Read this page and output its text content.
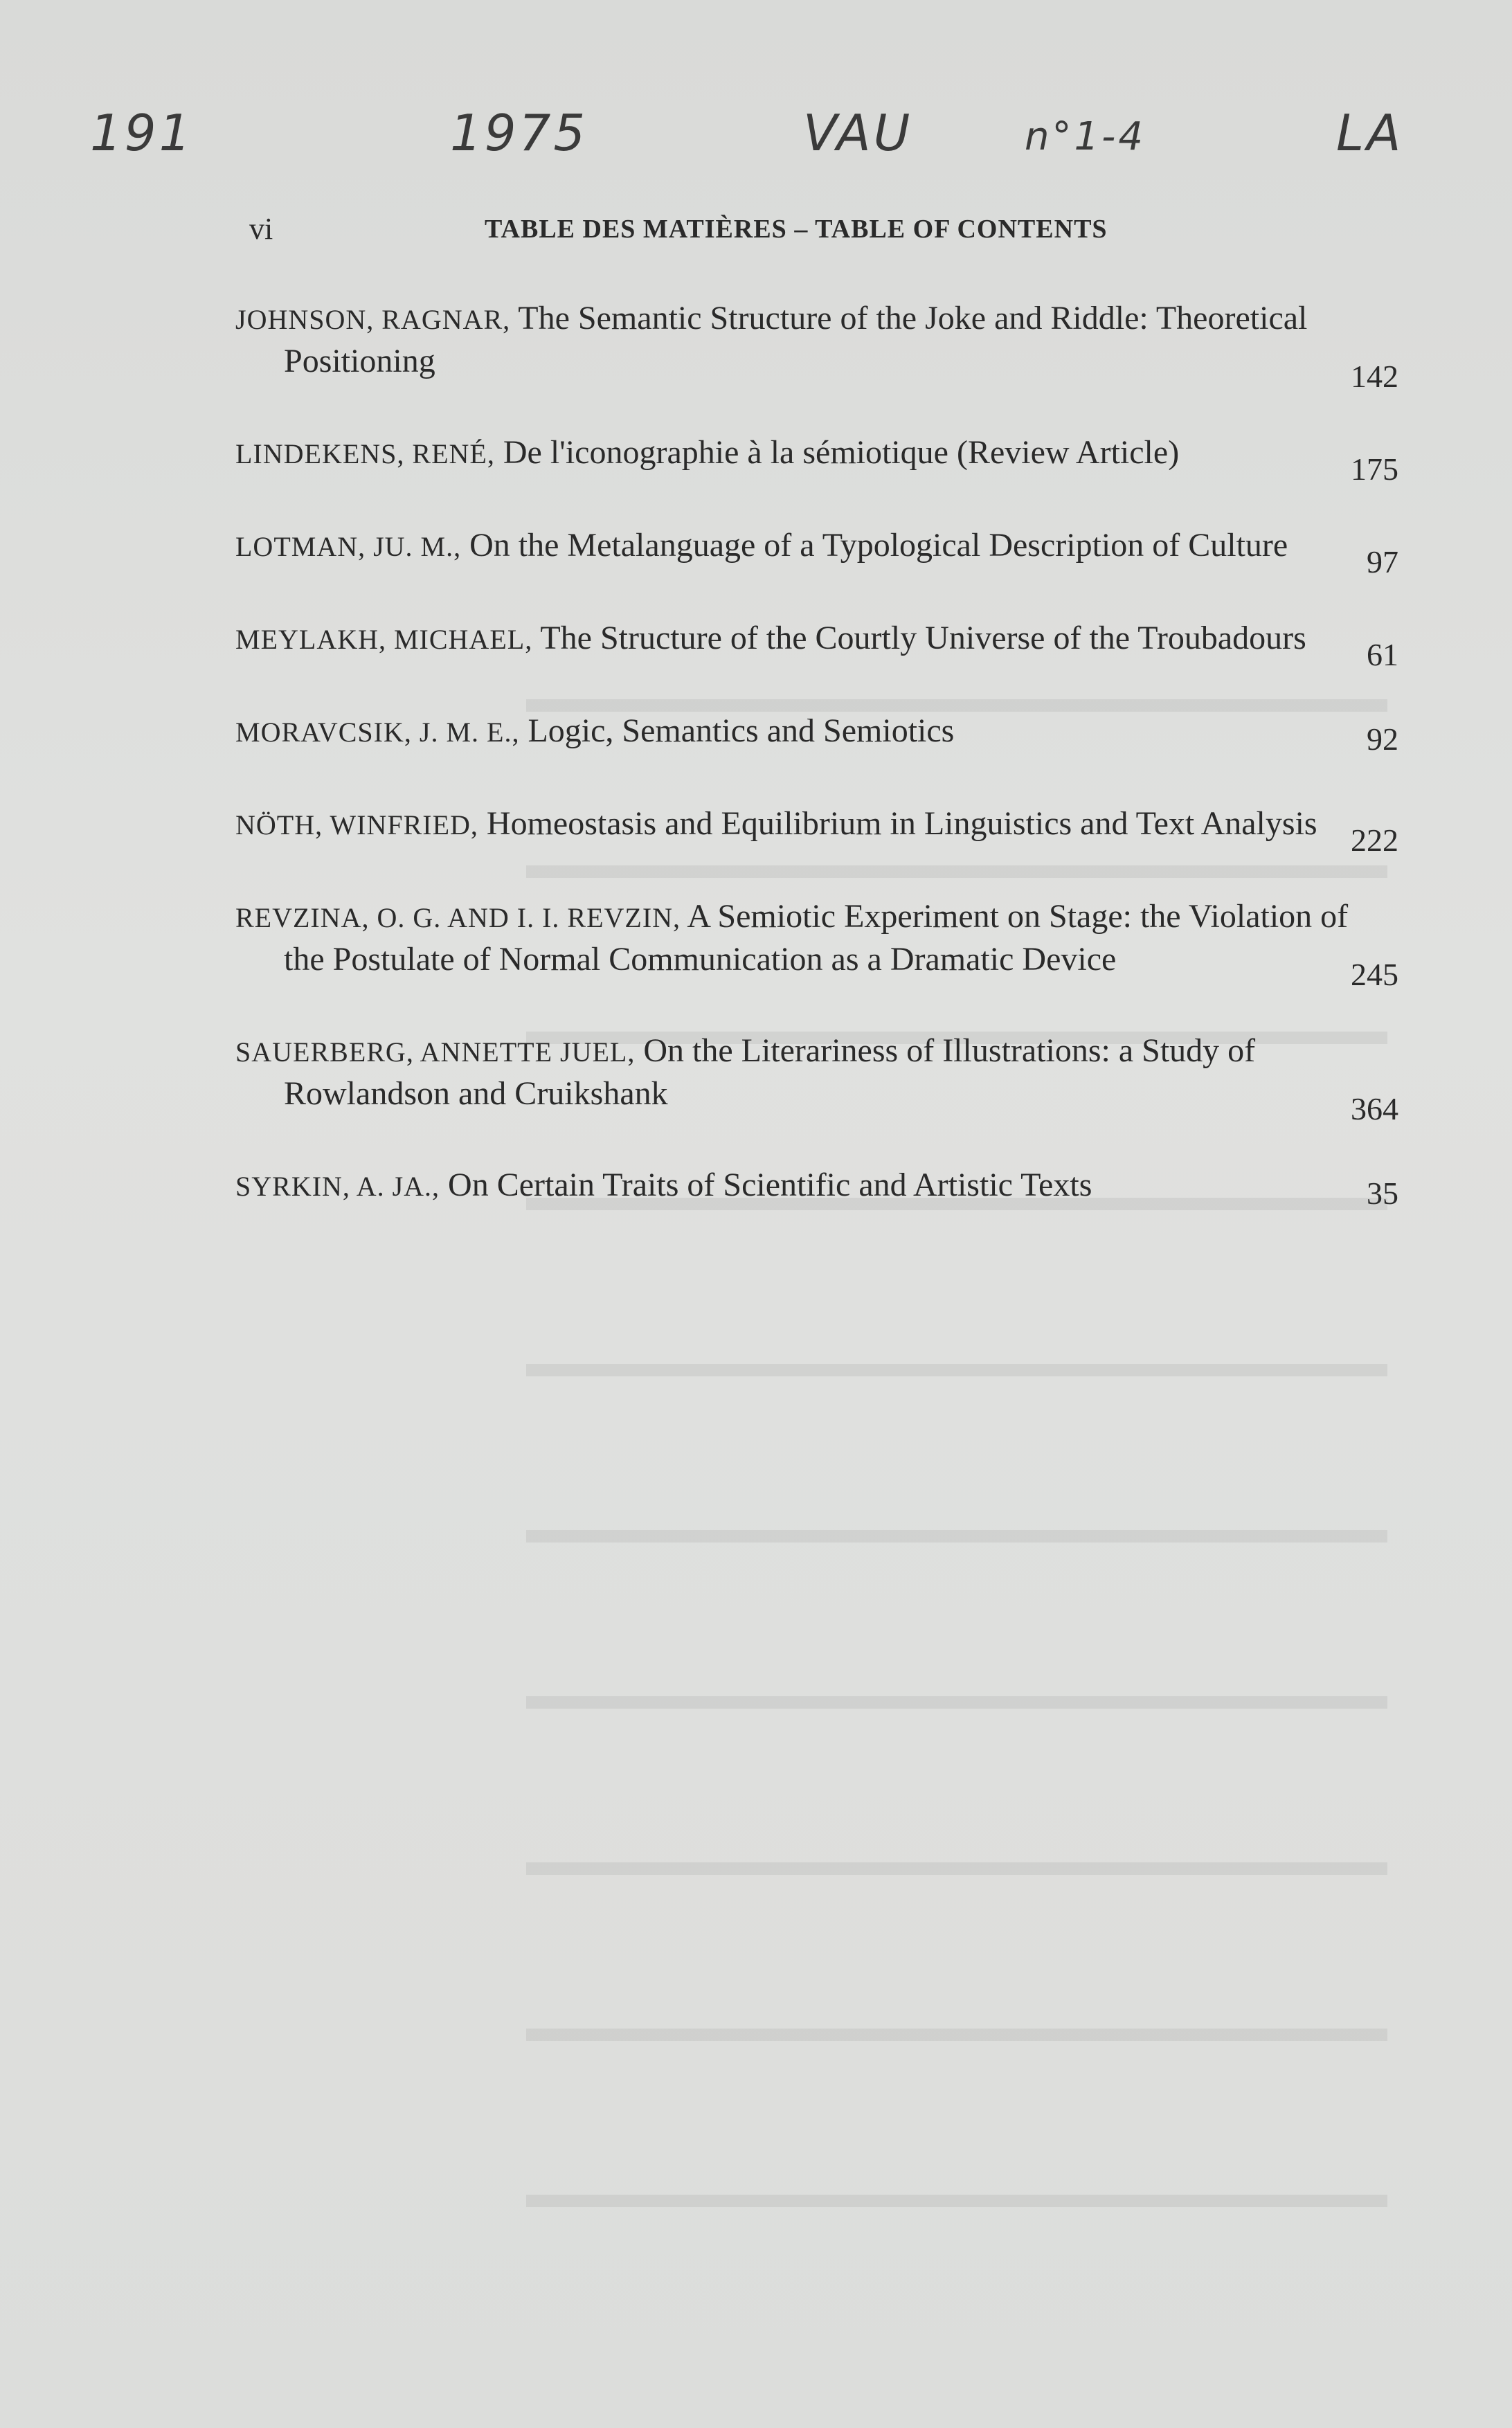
191	1975	VAU	n°1-4	LA
vi	TABLE DES MATIÈRES – TABLE OF CONTENTS
JOHNSON, RAGNAR, The Semantic Structure of the Joke and Riddle: Theoretical Positioning	142
LINDEKENS, RENÉ, De l'iconographie à la sémiotique (Review Article)	175
LOTMAN, JU. M., On the Metalanguage of a Typological Description of Culture	97
MEYLAKH, MICHAEL, The Structure of the Courtly Universe of the Troubadours	61
MORAVCSIK, J. M. E., Logic, Semantics and Semiotics	92
NÖTH, WINFRIED, Homeostasis and Equilibrium in Linguistics and Text Analysis	222
REVZINA, O. G. AND I. I. REVZIN, A Semiotic Experiment on Stage: the Violation of the Postulate of Normal Communication as a Dramatic Device	245
SAUERBERG, ANNETTE JUEL, On the Literariness of Illustrations: a Study of Rowlandson and Cruikshank	364
SYRKIN, A. JA., On Certain Traits of Scientific and Artistic Texts	35
